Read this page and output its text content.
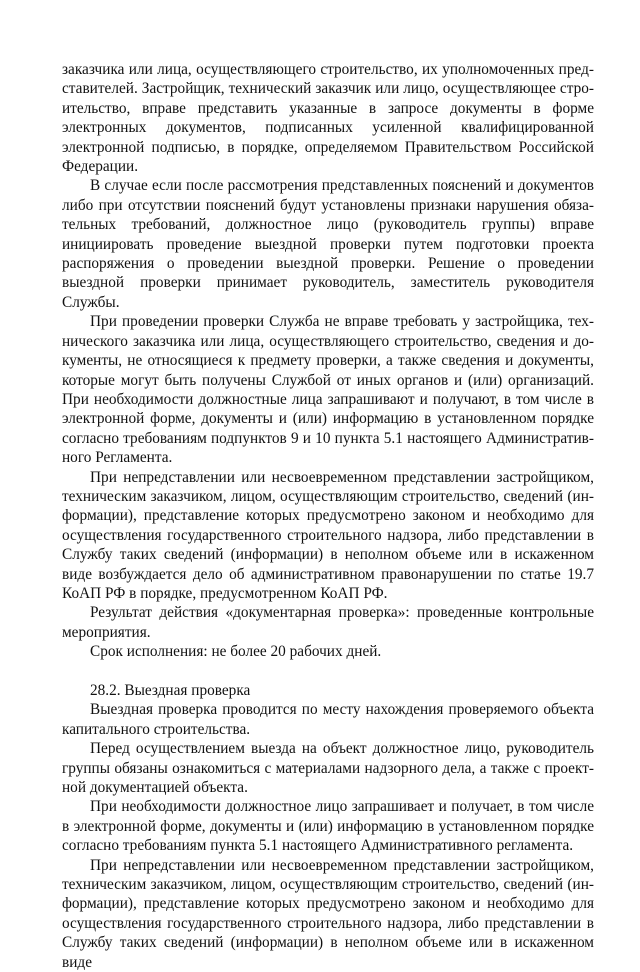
заказчика или лица, осуществляющего строительство, их уполномоченных представителей. Застройщик, технический заказчик или лицо, осуществляющее строительство, вправе представить указанные в запросе документы в форме электронных документов, подписанных усиленной квалифицированной электронной подписью, в порядке, определяемом Правительством Российской Федерации.

В случае если после рассмотрения представленных пояснений и документов либо при отсутствии пояснений будут установлены признаки нарушения обязательных требований, должностное лицо (руководитель группы) вправе инициировать проведение выездной проверки путем подготовки проекта распоряжения о проведении выездной проверки. Решение о проведении выездной проверки принимает руководитель, заместитель руководителя Службы.

При проведении проверки Служба не вправе требовать у застройщика, технического заказчика или лица, осуществляющего строительство, сведения и документы, не относящиеся к предмету проверки, а также сведения и документы, которые могут быть получены Службой от иных органов и (или) организаций. При необходимости должностные лица запрашивают и получают, в том числе в электронной форме, документы и (или) информацию в установленном порядке согласно требованиям подпунктов 9 и 10 пункта 5.1 настоящего Административного Регламента.

При непредставлении или несвоевременном представлении застройщиком, техническим заказчиком, лицом, осуществляющим строительство, сведений (информации), представление которых предусмотрено законом и необходимо для осуществления государственного строительного надзора, либо представлении в Службу таких сведений (информации) в неполном объеме или в искаженном виде возбуждается дело об административном правонарушении по статье 19.7 КоАП РФ в порядке, предусмотренном КоАП РФ.

Результат действия «документарная проверка»: проведенные контрольные мероприятия.

Срок исполнения: не более 20 рабочих дней.

28.2. Выездная проверка

Выездная проверка проводится по месту нахождения проверяемого объекта капитального строительства.

Перед осуществлением выезда на объект должностное лицо, руководитель группы обязаны ознакомиться с материалами надзорного дела, а также с проектной документацией объекта.

При необходимости должностное лицо запрашивает и получает, в том числе в электронной форме, документы и (или) информацию в установленном порядке согласно требованиям пункта 5.1 настоящего Административного регламента.

При непредставлении или несвоевременном представлении застройщиком, техническим заказчиком, лицом, осуществляющим строительство, сведений (информации), представление которых предусмотрено законом и необходимо для осуществления государственного строительного надзора, либо представлении в Службу таких сведений (информации) в неполном объеме или в искаженном виде
